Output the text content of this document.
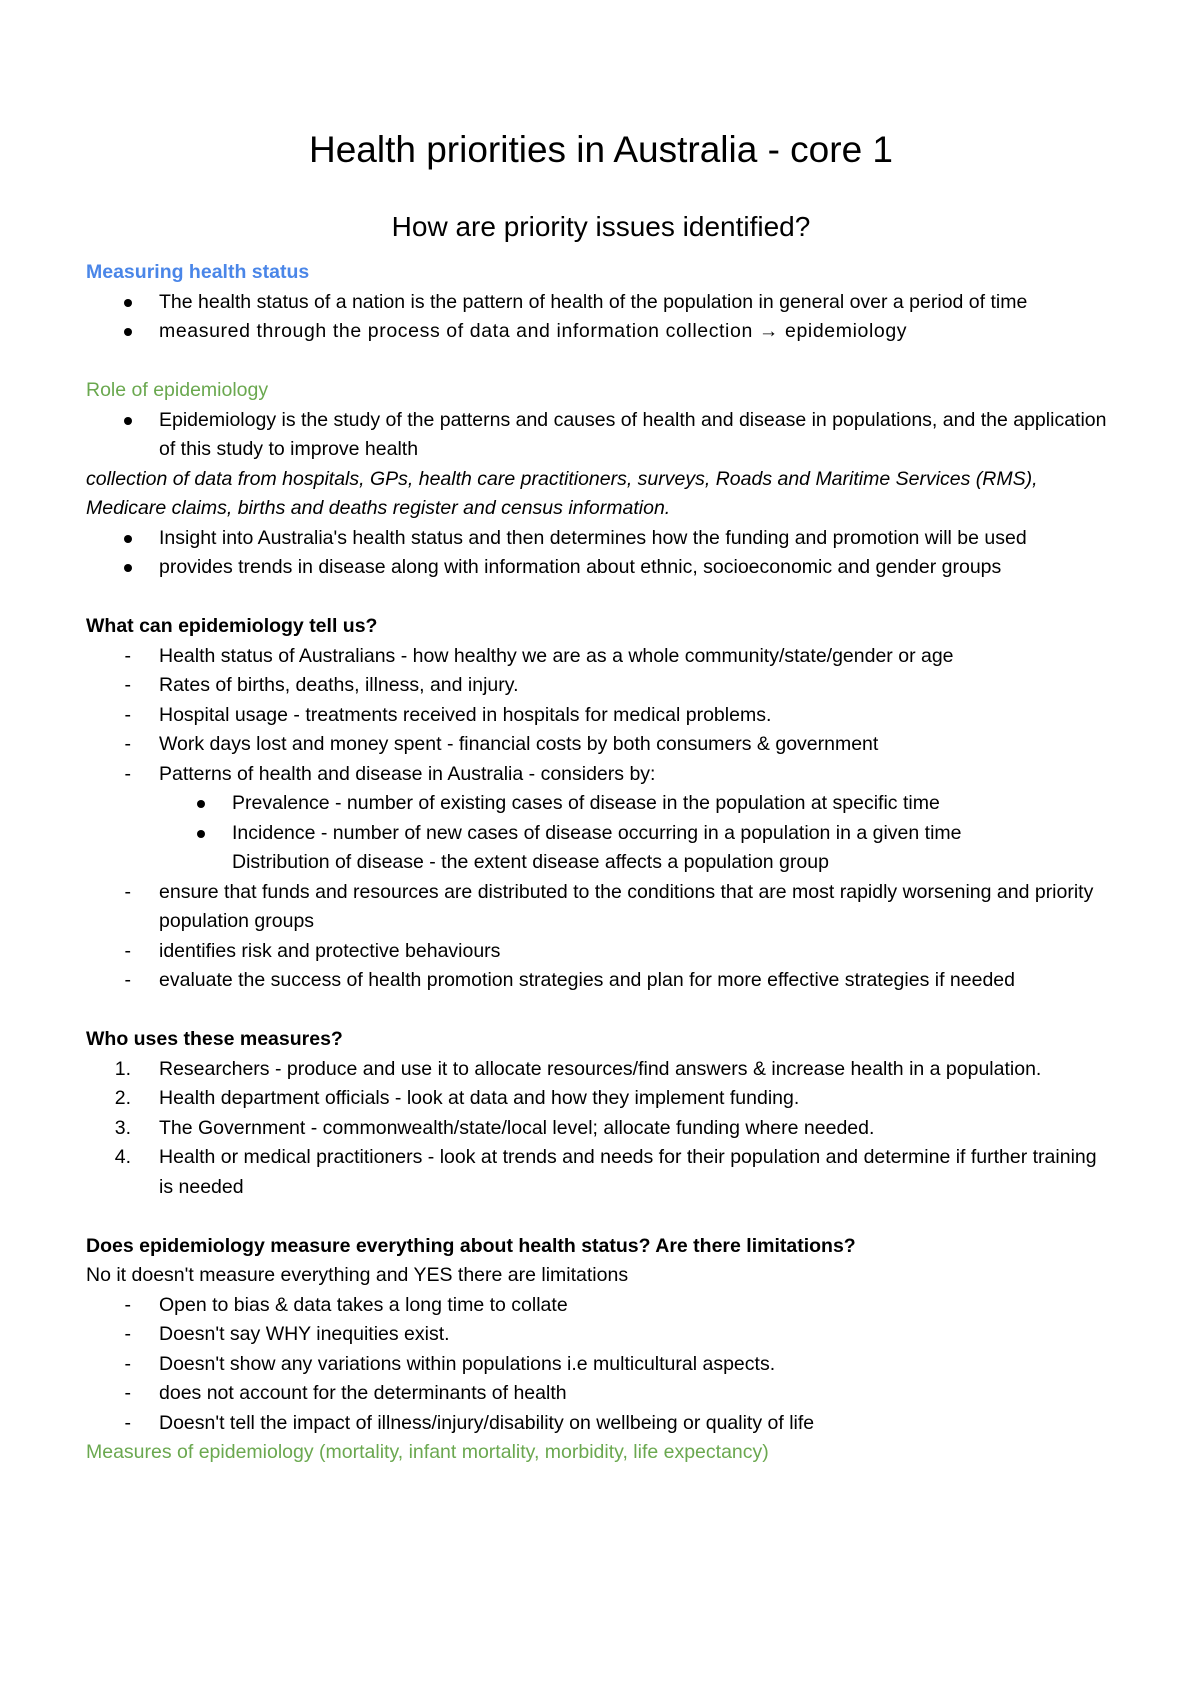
Health priorities in Australia - core 1
How are priority issues identified?

Measuring health status

The health status of a nation is the pattern of health of the population in general over a period of time
measured through the process of data and information collection → epidemiology

Role of epidemiology

Epidemiology is the study of the patterns and causes of health and disease in populations, and the application of this study to improve health

collection of data from hospitals, GPs, health care practitioners, surveys, Roads and Maritime Services (RMS), Medicare claims, births and deaths register and census information.

Insight into Australia's health status and then determines how the funding and promotion will be used
provides trends in disease along with information about ethnic, socioeconomic and gender groups

What can epidemiology tell us?

- Health status of Australians - how healthy we are as a whole community/state/gender or age
- Rates of births, deaths, illness, and injury.
- Hospital usage - treatments received in hospitals for medical problems.
- Work days lost and money spent - financial costs by both consumers & government
- Patterns of health and disease in Australia - considers by:
Prevalence - number of existing cases of disease in the population at specific time
Incidence - number of new cases of disease occurring in a population in a given time
Distribution of disease - the extent disease affects a population group
- ensure that funds and resources are distributed to the conditions that are most rapidly worsening and priority population groups
- identifies risk and protective behaviours
- evaluate the success of health promotion strategies and plan for more effective strategies if needed

Who uses these measures?

1. Researchers - produce and use it to allocate resources/find answers & increase health in a population.
2. Health department officials - look at data and how they implement funding.
3. The Government - commonwealth/state/local level; allocate funding where needed.
4. Health or medical practitioners - look at trends and needs for their population and determine if further training is needed

Does epidemiology measure everything about health status? Are there limitations?

No it doesn't measure everything and YES there are limitations

- Open to bias & data takes a long time to collate
- Doesn't say WHY inequities exist.
- Doesn't show any variations within populations i.e multicultural aspects.
- does not account for the determinants of health
- Doesn't tell the impact of illness/injury/disability on wellbeing or quality of life

Measures of epidemiology (mortality, infant mortality, morbidity, life expectancy)
